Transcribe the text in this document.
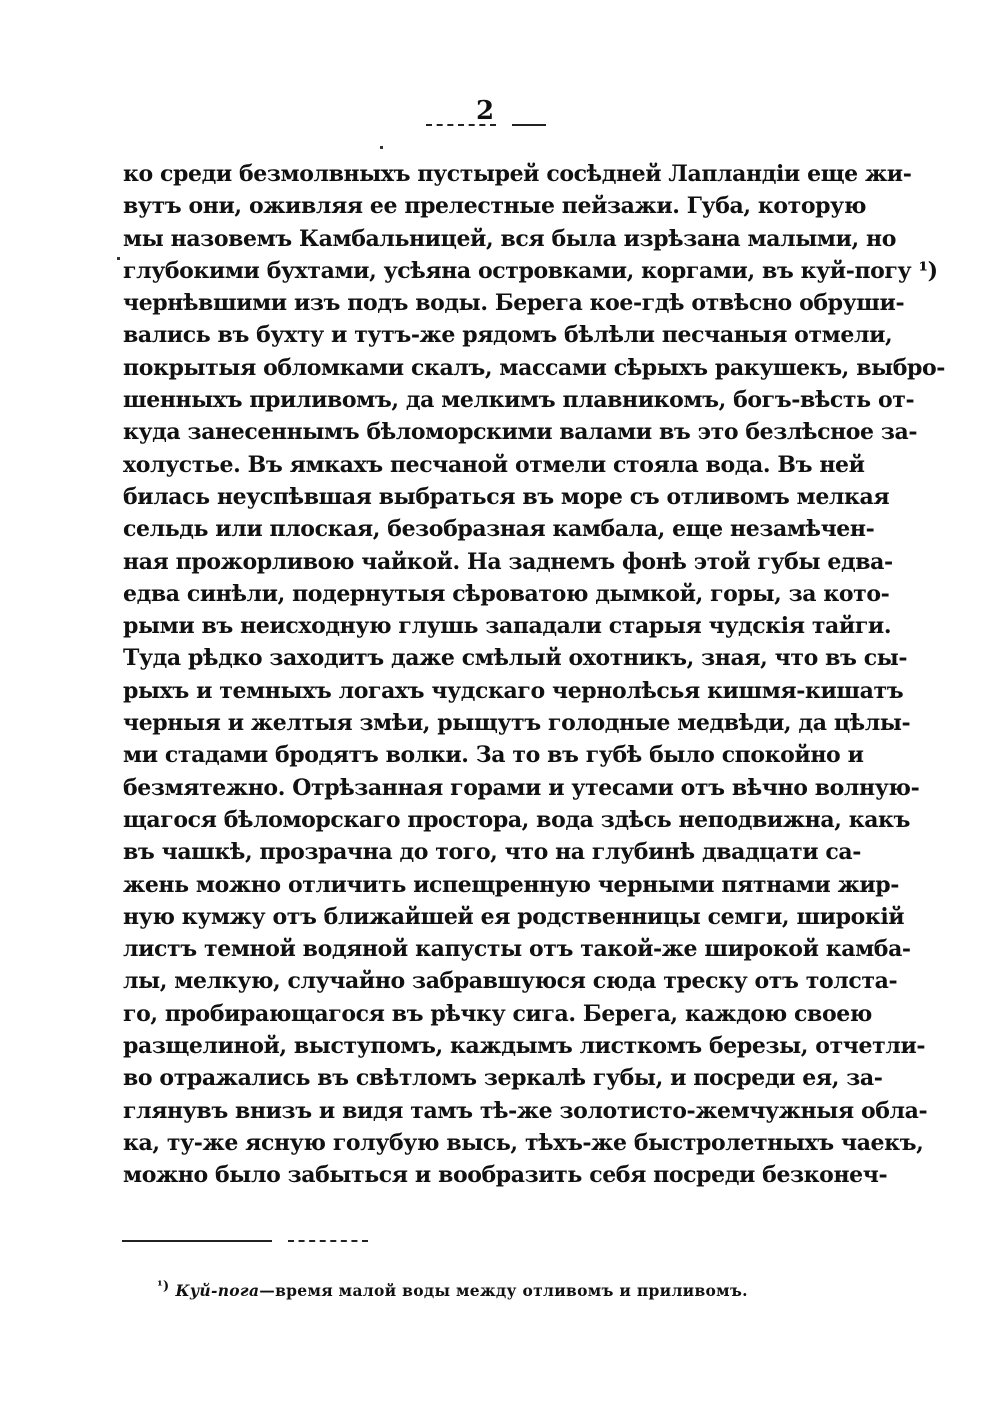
2
ко среди безмолвныхъ пустырей сосѣдней Лапландіи еще жи-
вутъ они, оживляя ее прелестные пейзажи. Губа, которую
мы назовемъ Камбальницей, вся была изрѣзана малыми, но
глубокими бухтами, усѣяна островками, коргами, въ куй-погу ¹)
чернѣвшими изъ подъ воды. Берега кое-гдѣ отвѣсно обруши-
вались въ бухту и тутъ-же рядомъ бѣлѣли песчаныя отмели,
покрытыя обломками скалъ, массами сѣрыхъ ракушекъ, выбро-
шенныхъ приливомъ, да мелкимъ плавникомъ, богъ-вѣсть от-
куда занесеннымъ бѣломорскими валами въ это безлѣсное за-
холустье. Въ ямкахъ песчаной отмели стояла вода. Въ ней
билась неуспѣвшая выбраться въ море съ отливомъ мелкая
сельдь или плоская, безобразная камбала, еще незамѣчен-
ная прожорливою чайкой. На заднемъ фонѣ этой губы едва-
едва синѣли, подернутыя сѣроватою дымкой, горы, за кото-
рыми въ неисходную глушь западали старыя чудскія тайги.
Туда рѣдко заходитъ даже смѣлый охотникъ, зная, что въ сы-
рыхъ и темныхъ логахъ чудскаго чернолѣсья кишмя-кишатъ
черныя и желтыя змѣи, рыщутъ голодные медвѣди, да цѣлы-
ми стадами бродятъ волки. За то въ губѣ было спокойно и
безмятежно. Отрѣзанная горами и утесами отъ вѣчно волную-
щагося бѣломорскаго простора, вода здѣсь неподвижна, какъ
въ чашкѣ, прозрачна до того, что на глубинѣ двадцати са-
жень можно отличить испещренную черными пятнами жир-
ную кумжу отъ ближайшей ея родственницы семги, широкій
листъ темной водяной капусты отъ такой-же широкой камба-
лы, мелкую, случайно забравшуюся сюда треску отъ толста-
го, пробирающагося въ рѣчку сига. Берега, каждою своею
разщелиной, выступомъ, каждымъ листкомъ березы, отчетли-
во отражались въ свѣтломъ зеркалѣ губы, и посреди ея, за-
глянувъ внизъ и видя тамъ тѣ-же золотисто-жемчужныя обла-
ка, ту-же ясную голубую высь, тѣхъ-же быстролетныхъ чаекъ,
можно было забыться и вообразить себя посреди безконеч-
$^{^1)}$ Куй-пога—время малой воды между отливомъ и приливомъ.
